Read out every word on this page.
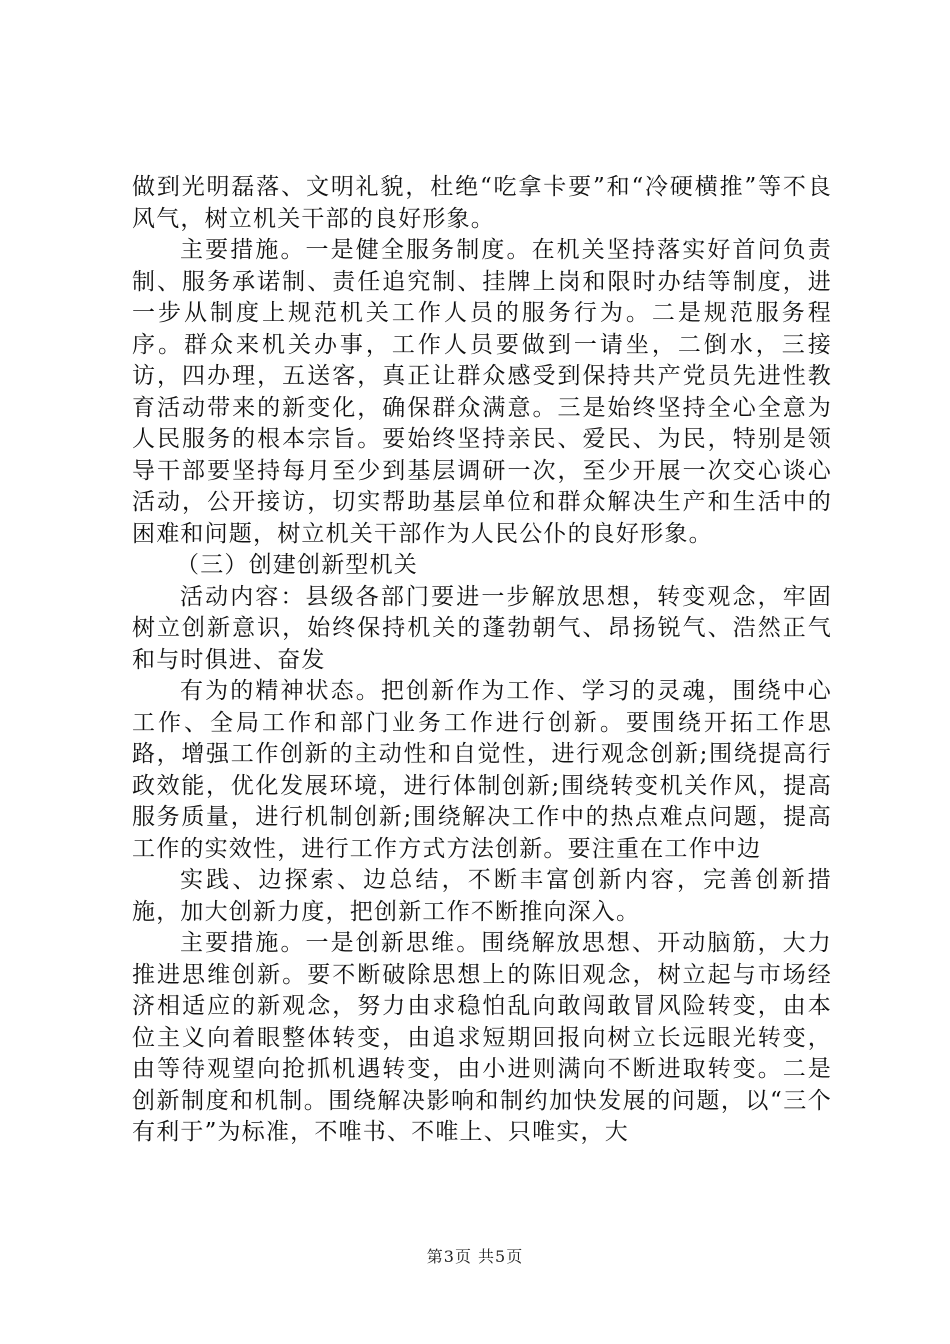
做到光明磊落、文明礼貌，杜绝“吃拿卡要”和“冷硬横推”等不良风气，树立机关干部的良好形象。

主要措施。一是健全服务制度。在机关坚持落实好首问负责制、服务承诺制、责任追究制、挂牌上岗和限时办结等制度，进一步从制度上规范机关工作人员的服务行为。二是规范服务程序。群众来机关办事，工作人员要做到一请坐，二倒水，三接访，四办理，五送客，真正让群众感受到保持共产党员先进性教育活动带来的新变化，确保群众满意。三是始终坚持全心全意为人民服务的根本宗旨。要始终坚持亲民、爱民、为民，特别是领导干部要坚持每月至少到基层调研一次，至少开展一次交心谈心活动，公开接访，切实帮助基层单位和群众解决生产和生活中的困难和问题，树立机关干部作为人民公仆的良好形象。

（三）创建创新型机关

活动内容：县级各部门要进一步解放思想，转变观念，牢固树立创新意识，始终保持机关的蓬勃朝气、昂扬锐气、浩然正气和与时俱进、奋发

有为的精神状态。把创新作为工作、学习的灵魂，围绕中心工作、全局工作和部门业务工作进行创新。要围绕开拓工作思路，增强工作创新的主动性和自觉性，进行观念创新;围绕提高行政效能，优化发展环境，进行体制创新;围绕转变机关作风，提高服务质量，进行机制创新;围绕解决工作中的热点难点问题，提高工作的实效性，进行工作方式方法创新。要注重在工作中边

实践、边探索、边总结，不断丰富创新内容，完善创新措施，加大创新力度，把创新工作不断推向深入。

主要措施。一是创新思维。围绕解放思想、开动脑筋，大力推进思维创新。要不断破除思想上的陈旧观念，树立起与市场经济相适应的新观念，努力由求稳怕乱向敢闯敢冒风险转变，由本位主义向着眼整体转变，由追求短期回报向树立长远眼光转变，由等待观望向抢抓机遇转变，由小进则满向不断进取转变。二是创新制度和机制。围绕解决影响和制约加快发展的问题，以“三个有利于”为标准，不唯书、不唯上、只唯实，大

第3页 共5页
